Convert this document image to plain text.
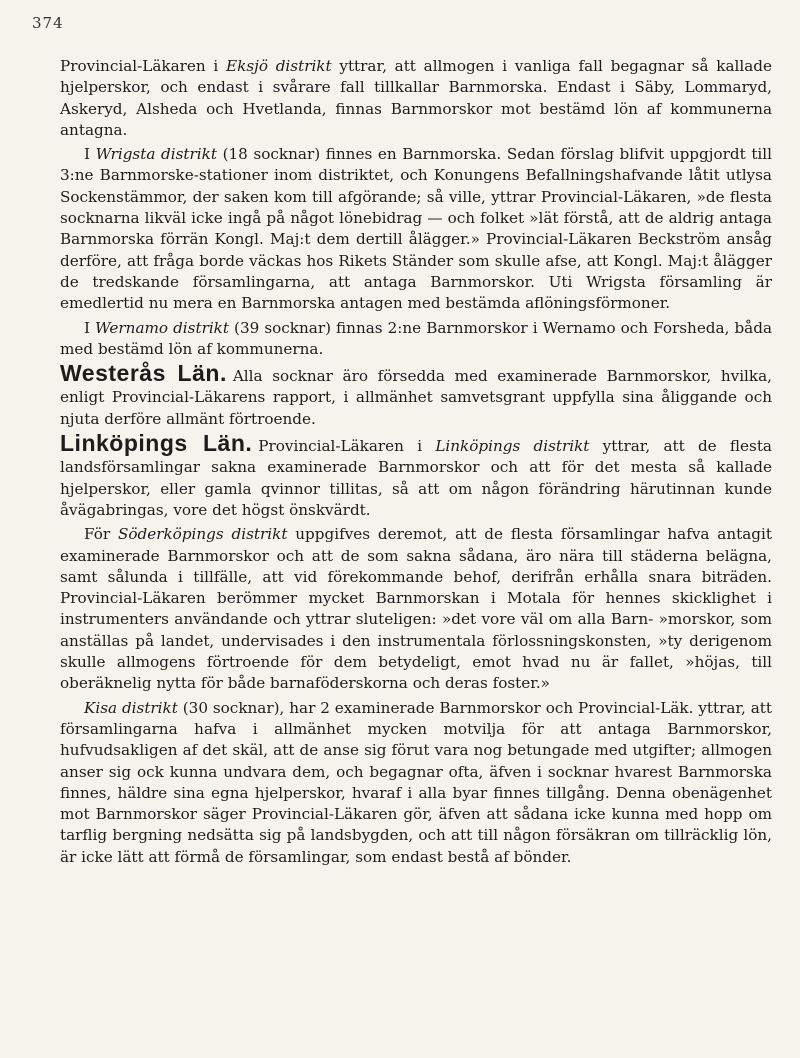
374

Provincial-Läkaren i Eksjö distrikt yttrar, att allmogen i vanliga fall begagnar så kallade hjelperskor, och endast i svårare fall tillkallar Barnmorska. Endast i Säby, Lommaryd, Askeryd, Alsheda och Hvetlanda, finnas Barnmorskor mot bestämd lön af kommunerna antagna.

I Wrigsta distrikt (18 socknar) finnes en Barnmorska. Sedan förslag blifvit uppgjordt till 3:ne Barnmorske-stationer inom distriktet, och Konungens Befallningshafvande låtit utlysa Sockenstämmor, der saken kom till afgörande; så ville, yttrar Provincial-Läkaren, »de flesta socknarna likväl icke ingå på något lönebidrag — och folket »lät förstå, att de aldrig antaga Barnmorska förrän Kongl. Maj:t dem dertill ålägger.» Provincial-Läkaren Beckström ansåg derföre, att fråga borde väckas hos Rikets Ständer som skulle afse, att Kongl. Maj:t ålägger de tredskande församlingarna, att antaga Barnmorskor. Uti Wrigsta församling är emedlertid nu mera en Barnmorska antagen med bestämda aflöningsförmoner.

I Wernamo distrikt (39 socknar) finnas 2:ne Barnmorskor i Wernamo och Forsheda, båda med bestämd lön af kommunerna.

Westerås Län. Alla socknar äro försedda med examinerade Barnmorskor, hvilka, enligt Provincial-Läkarens rapport, i allmänhet samvetsgrant uppfylla sina åliggande och njuta derföre allmänt förtroende.

Linköpings Län. Provincial-Läkaren i Linköpings distrikt yttrar, att de flesta landsförsamlingar sakna examinerade Barnmorskor och att för det mesta så kallade hjelperskor, eller gamla qvinnor tillitas, så att om någon förändring härutinnan kunde åvägabringas, vore det högst önskvärdt.

För Söderköpings distrikt uppgifves deremot, att de flesta församlingar hafva antagit examinerade Barnmorskor och att de som sakna sådana, äro nära till städerna belägna, samt sålunda i tillfälle, att vid förekommande behof, derifrån erhålla snara biträden. Provincial-Läkaren berömmer mycket Barnmorskan i Motala för hennes skicklighet i instrumenters användande och yttrar sluteligen: »det vore väl om alla Barn- »morskor, som anställas på landet, undervisades i den instrumentala förlossningskonsten, »ty derigenom skulle allmogens förtroende för dem betydeligt, emot hvad nu är fallet, »höjas, till oberäknelig nytta för både barnaföderskorna och deras foster.»

Kisa distrikt (30 socknar), har 2 examinerade Barnmorskor och Provincial-Läk. yttrar, att församlingarna hafva i allmänhet mycken motvilja för att antaga Barnmorskor, hufvudsakligen af det skäl, att de anse sig förut vara nog betungade med utgifter; allmogen anser sig ock kunna undvara dem, och begagnar ofta, äfven i socknar hvarest Barnmorska finnes, häldre sina egna hjelperskor, hvaraf i alla byar finnes tillgång. Denna obenägenhet mot Barnmorskor säger Provincial-Läkaren gör, äfven att sådana icke kunna med hopp om tarflig bergning nedsätta sig på landsbygden, och att till någon försäkran om tillräcklig lön, är icke lätt att förmå de församlingar, som endast bestå af bönder.
